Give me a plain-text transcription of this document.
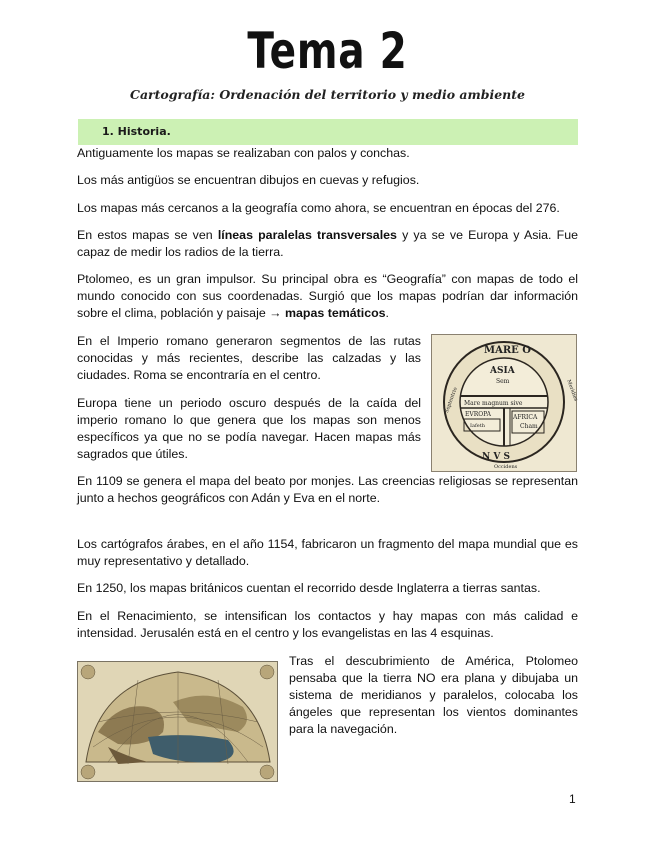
Tema 2
Cartografía: Ordenación del territorio y medio ambiente
1. Historia.

Antiguamente los mapas se realizaban con palos y conchas.

Los más antigüos se encuentran dibujos en cuevas y refugios.

Los mapas más cercanos a la geografía como ahora, se encuentran en épocas del 276.

En estos mapas se ven líneas paralelas transversales y ya se ve Europa y Asia. Fue capaz de medir los radios de la tierra.

Ptolomeo, es un gran impulsor. Su principal obra es “Geografía” con mapas de todo el mundo conocido con sus coordenadas. Surgió que los mapas podrían dar información sobre el clima, población y paisaje → mapas temáticos.

En el Imperio romano generaron segmentos de las rutas conocidas y más recientes, describe las calzadas y las ciudades. Roma se encontraría en el centro.

Europa tiene un periodo oscuro después de la caída del imperio romano lo que genera que los mapas son menos específicos ya que no se podía navegar. Hacen mapas más sagrados que útiles.

En 1109 se genera el mapa del beato por monjes. Las creencias religiosas se representan junto a hechos geográficos con Adán y Eva en el norte.

Los cartógrafos árabes, en el año 1154, fabricaron un fragmento del mapa mundial que es muy representativo y detallado.

En 1250, los mapas británicos cuentan el recorrido desde Inglaterra a tierras santas.

En el Renacimiento, se intensifican los contactos y hay mapas con más calidad e intensidad. Jerusalén está en el centro y los evangelistas en las 4 esquinas.

Tras el descubrimiento de América, Ptolomeo pensaba que la tierra NO era plana y dibujaba un sistema de meridianos y paralelos, colocaba los ángeles que representan los vientos dominantes para la navegación.

MARE O
ASIA
Sem
Mare magnum sive
EVROPA
Iafeth
AFRICA
Cham
Occidens
Septentrio	Meridies
N V S
1
